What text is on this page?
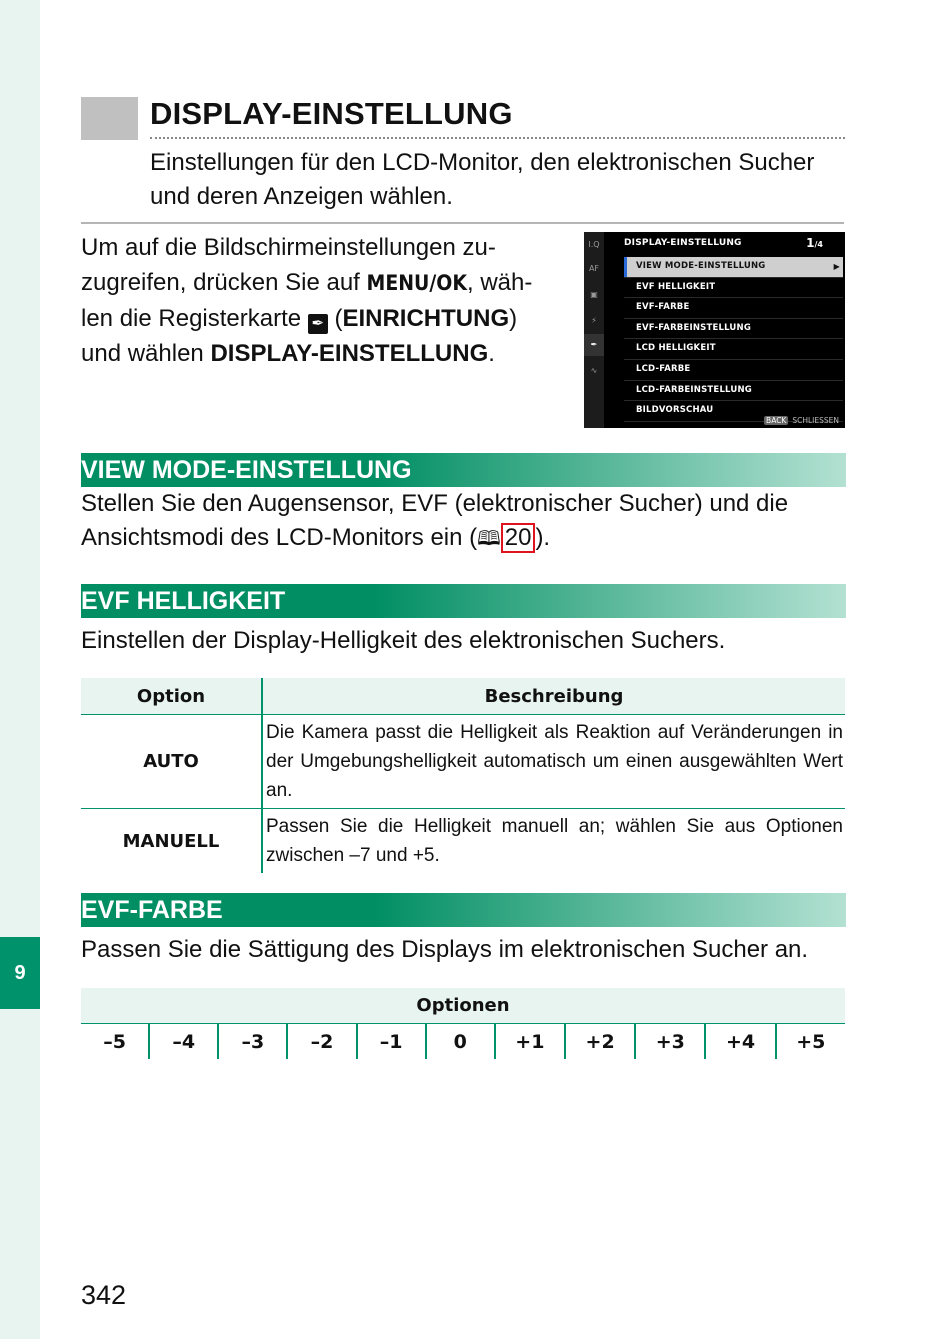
9
DISPLAY-EINSTELLUNG

Einstellungen für den LCD-Monitor, den elektronischen Sucher und deren Anzeigen wählen.

Um auf die Bildschirmeinstellungen zu-
zugreifen, drücken Sie auf MENU/OK, wäh-
len die Registerkarte ✒ (EINRICHTUNG)
und wählen DISPLAY-EINSTELLUNG.

I.Q
AF
▣
⚡
✒
∿
DISPLAY-EINSTELLUNG	1/4
VIEW MODE-EINSTELLUNG	▶
EVF HELLIGKEIT
EVF-FARBE
EVF-FARBEINSTELLUNG
LCD HELLIGKEIT
LCD-FARBE
LCD-FARBEINSTELLUNG
BILDVORSCHAU
BACK SCHLIESSEN
VIEW MODE-EINSTELLUNG

Stellen Sie den Augensensor, EVF (elektronischer Sucher) und die Ansichtsmodi des LCD-Monitors ein (🕮 20 ).

EVF HELLIGKEIT

Einstellen der Display-Helligkeit des elektronischen Suchers.

Option	Beschreibung
AUTO	Die Kamera passt die Helligkeit als Reaktion auf Veränderungen in der Umgebungshelligkeit automatisch um einen ausgewählten Wert an.
MANUELL	Passen Sie die Helligkeit manuell an; wählen Sie aus Optionen zwischen –7 und +5.
EVF-FARBE

Passen Sie die Sättigung des Displays im elektronischen Sucher an.

Optionen
–5	–4	–3	–2	–1	0	+1	+2	+3	+4	+5

342
